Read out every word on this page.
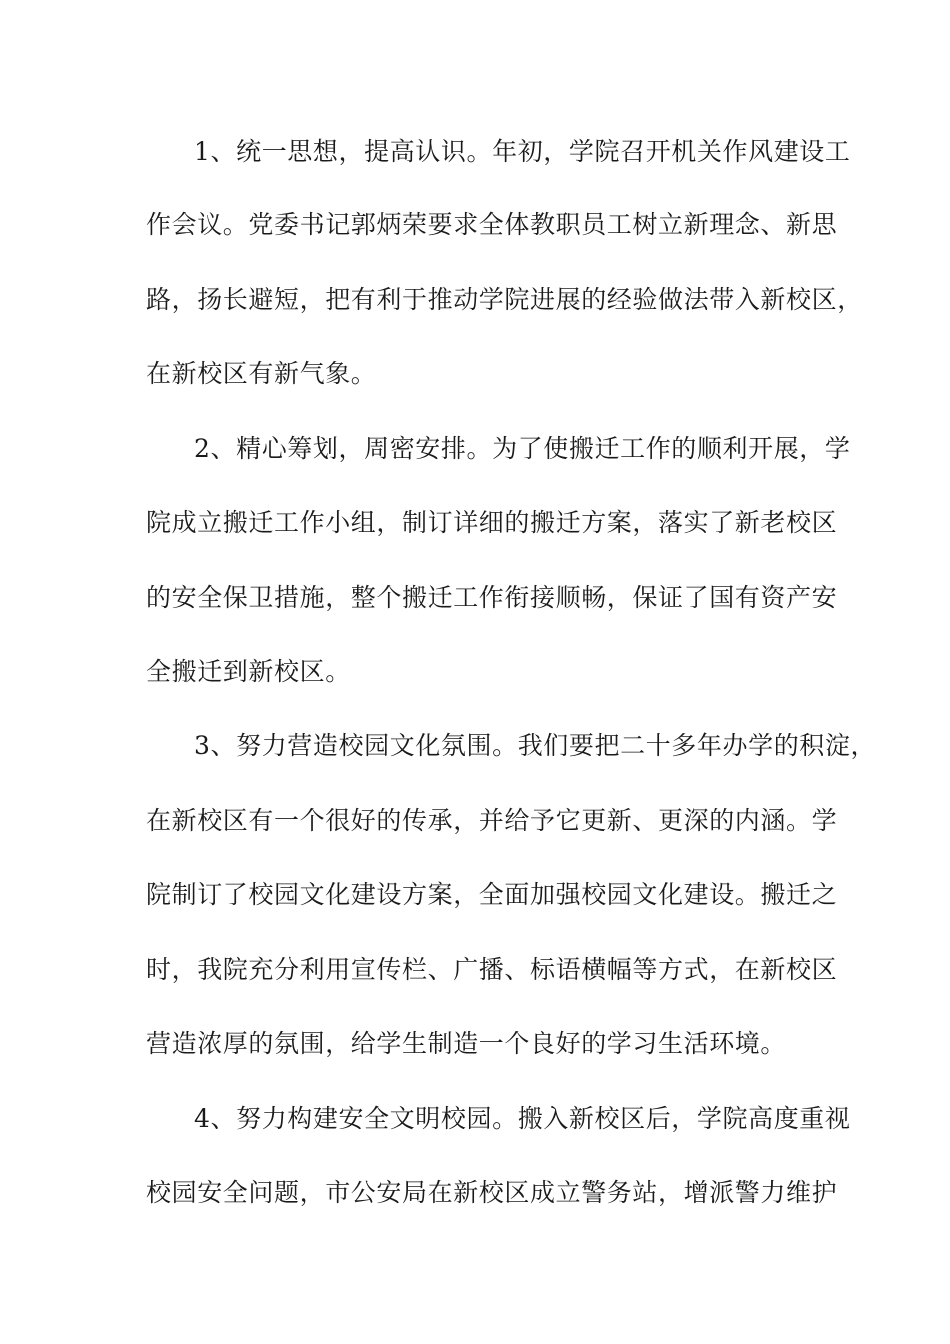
1、统一思想，提高认识。年初，学院召开机关作风建设工
作会议。党委书记郭炳荣要求全体教职员工树立新理念、新思
路，扬长避短，把有利于推动学院进展的经验做法带入新校区，
在新校区有新气象。
2、精心筹划，周密安排。为了使搬迁工作的顺利开展，学
院成立搬迁工作小组，制订详细的搬迁方案，落实了新老校区
的安全保卫措施，整个搬迁工作衔接顺畅，保证了国有资产安
全搬迁到新校区。
3、努力营造校园文化氛围。我们要把二十多年办学的积淀，
在新校区有一个很好的传承，并给予它更新、更深的内涵。学
院制订了校园文化建设方案，全面加强校园文化建设。搬迁之
时，我院充分利用宣传栏、广播、标语横幅等方式，在新校区
营造浓厚的氛围，给学生制造一个良好的学习生活环境。
4、努力构建安全文明校园。搬入新校区后，学院高度重视
校园安全问题，市公安局在新校区成立警务站，增派警力维护
